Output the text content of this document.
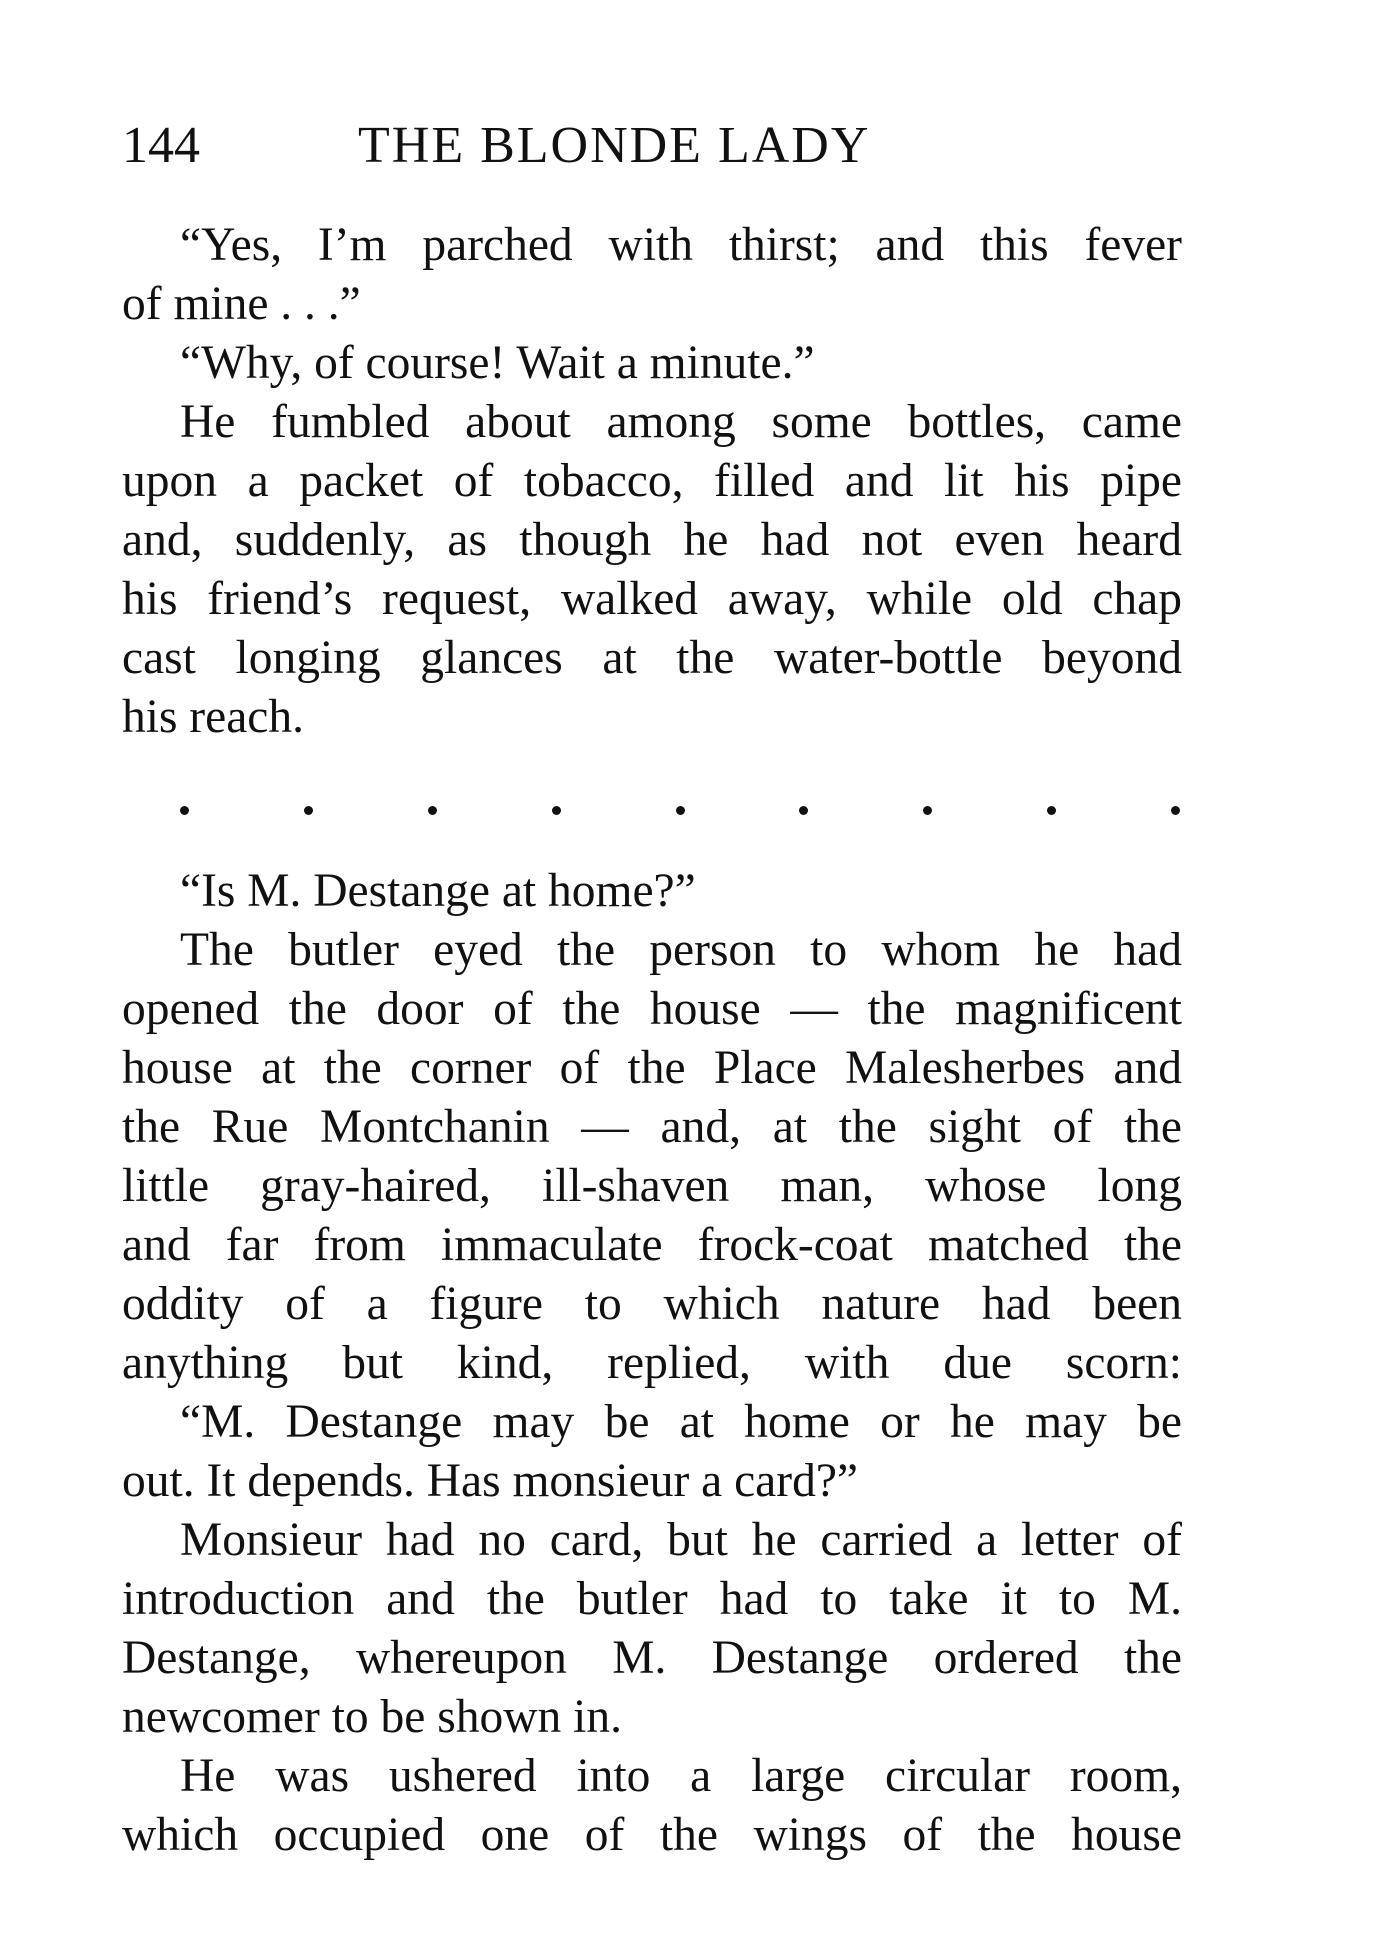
144	THE BLONDE LADY
“Yes, I’m parched with thirst; and this fever
of mine . . .”
“Why, of course! Wait a minute.”
He fumbled about among some bottles, came
upon a packet of tobacco, filled and lit his pipe
and, suddenly, as though he had not even heard
his friend’s request, walked away, while old chap
cast longing glances at the water-bottle beyond
his reach.
“Is M. Destange at home?”
The butler eyed the person to whom he had
opened the door of the house — the magnificent
house at the corner of the Place Malesherbes and
the Rue Montchanin — and, at the sight of the
little gray-haired, ill-shaven man, whose long
and far from immaculate frock-coat matched the
oddity of a figure to which nature had been
anything but kind, replied, with due scorn:
“M. Destange may be at home or he may be
out. It depends. Has monsieur a card?”
Monsieur had no card, but he carried a letter of
introduction and the butler had to take it to M.
Destange, whereupon M. Destange ordered the
newcomer to be shown in.
He was ushered into a large circular room,
which occupied one of the wings of the house
